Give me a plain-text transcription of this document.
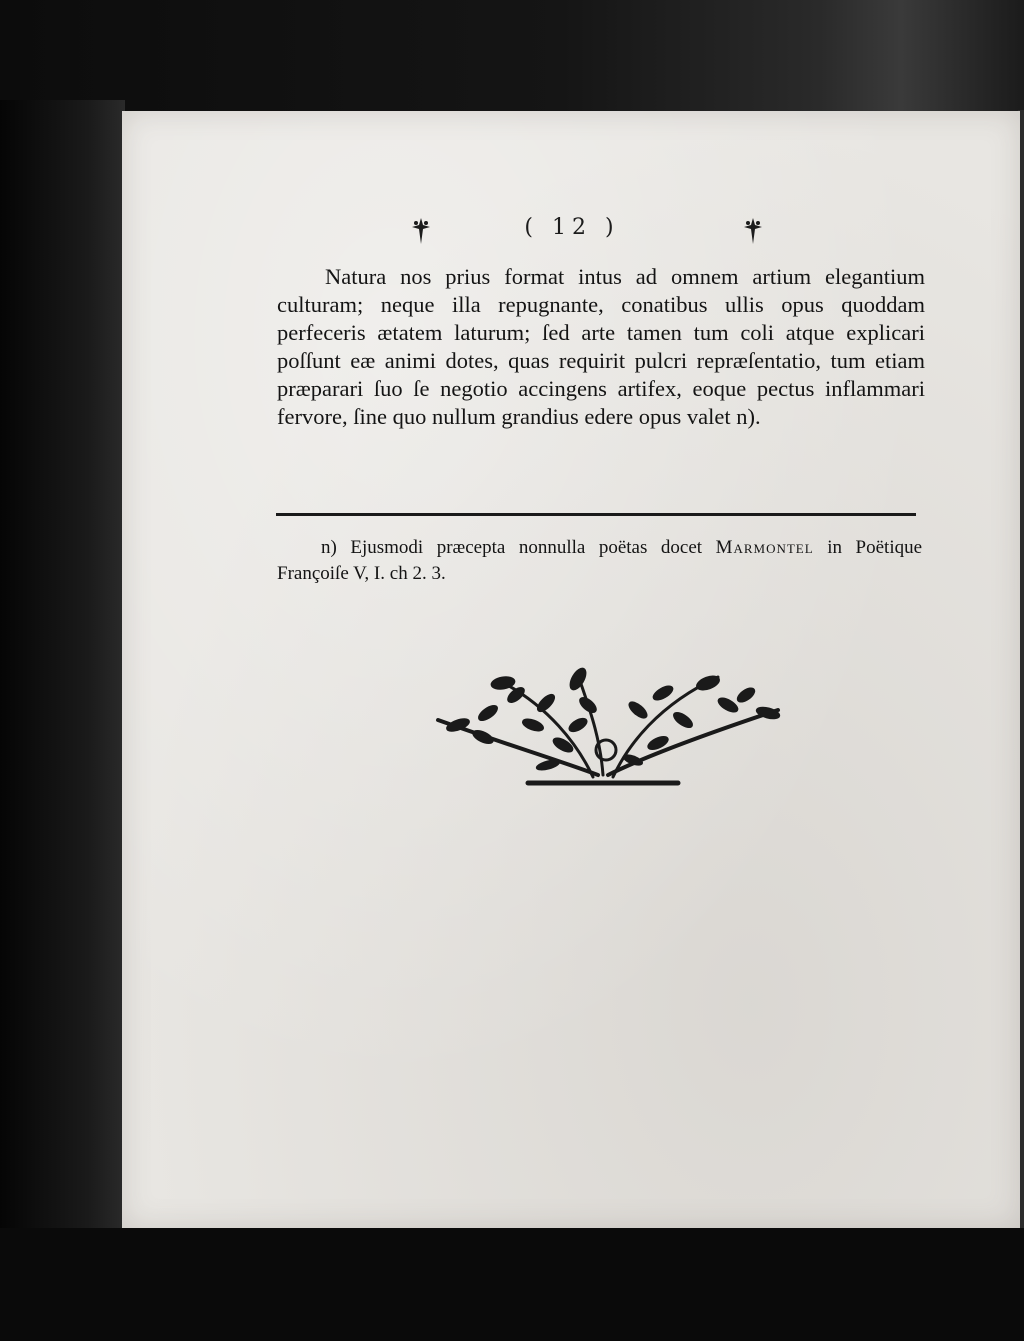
( 12 )
Natura nos prius format intus ad omnem artium elegantium culturam; neque illa repugnante, conatibus ullis opus quoddam perfeceris ætatem laturum; ſed arte tamen tum coli atque explicari poſſunt eæ animi dotes, quas requirit pulcri repræſentatio, tum etiam præparari ſuo ſe negotio accingens artifex, eoque pectus inflammari fervore, ſine quo nullum grandius edere opus valet n).
n) Ejusmodi præcepta nonnulla poëtas docet Marmontel in Poëtique Françoiſe V, I. ch 2. 3.
